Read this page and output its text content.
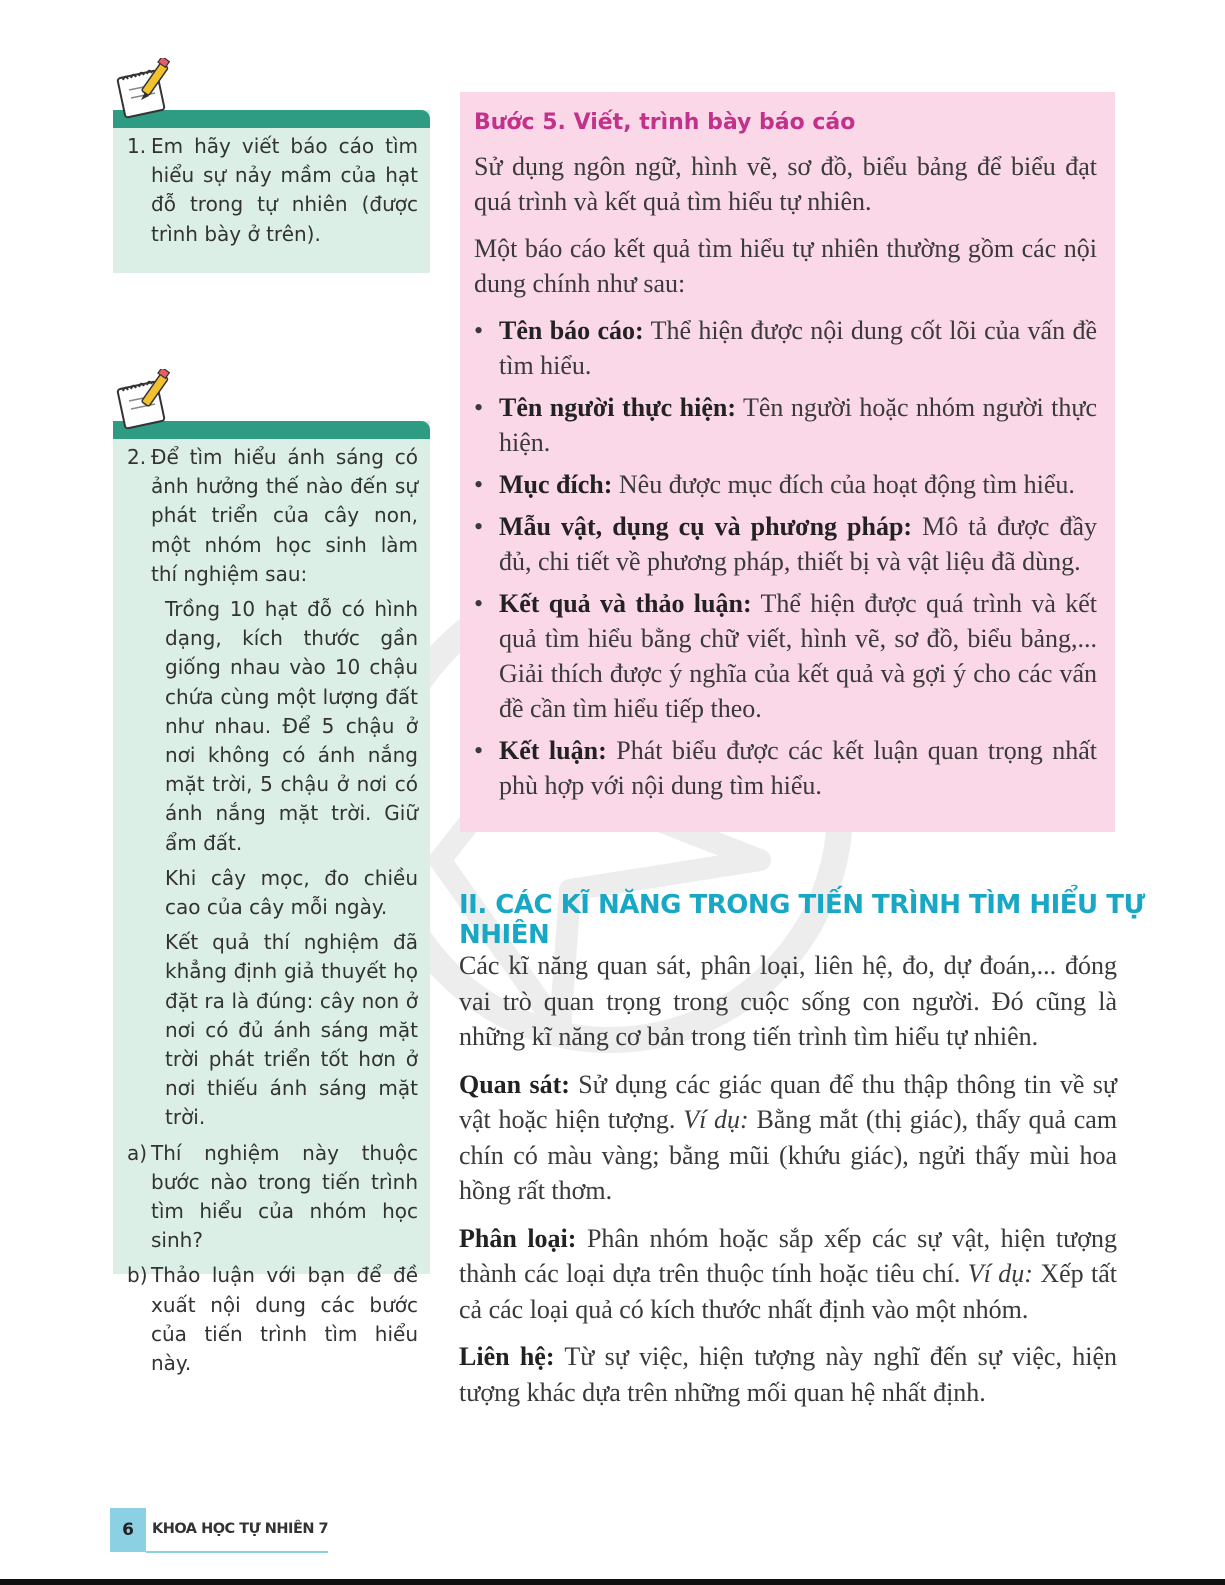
1. Em hãy viết báo cáo tìm hiểu sự nảy mầm của hạt đỗ trong tự nhiên (được trình bày ở trên).
2. Để tìm hiểu ánh sáng có ảnh hưởng thế nào đến sự phát triển của cây non, một nhóm học sinh làm thí nghiệm sau:
Trồng 10 hạt đỗ có hình dạng, kích thước gần giống nhau vào 10 chậu chứa cùng một lượng đất như nhau. Để 5 chậu ở nơi không có ánh nắng mặt trời, 5 chậu ở nơi có ánh nắng mặt trời. Giữ ẩm đất.
Khi cây mọc, đo chiều cao của cây mỗi ngày.
Kết quả thí nghiệm đã khẳng định giả thuyết họ đặt ra là đúng: cây non ở nơi có đủ ánh sáng mặt trời phát triển tốt hơn ở nơi thiếu ánh sáng mặt trời.
a) Thí nghiệm này thuộc bước nào trong tiến trình tìm hiểu của nhóm học sinh?
b) Thảo luận với bạn để đề xuất nội dung các bước của tiến trình tìm hiểu này.
Bước 5. Viết, trình bày báo cáo

Sử dụng ngôn ngữ, hình vẽ, sơ đồ, biểu bảng để biểu đạt quá trình và kết quả tìm hiểu tự nhiên.

Một báo cáo kết quả tìm hiểu tự nhiên thường gồm các nội dung chính như sau:

• Tên báo cáo: Thể hiện được nội dung cốt lõi của vấn đề tìm hiểu.
• Tên người thực hiện: Tên người hoặc nhóm người thực hiện.
• Mục đích: Nêu được mục đích của hoạt động tìm hiểu.
• Mẫu vật, dụng cụ và phương pháp: Mô tả được đầy đủ, chi tiết về phương pháp, thiết bị và vật liệu đã dùng.
• Kết quả và thảo luận: Thể hiện được quá trình và kết quả tìm hiểu bằng chữ viết, hình vẽ, sơ đồ, biểu bảng,... Giải thích được ý nghĩa của kết quả và gợi ý cho các vấn đề cần tìm hiểu tiếp theo.
• Kết luận: Phát biểu được các kết luận quan trọng nhất phù hợp với nội dung tìm hiểu.
II. CÁC KĨ NĂNG TRONG TIẾN TRÌNH TÌM HIỂU TỰ NHIÊN

Các kĩ năng quan sát, phân loại, liên hệ, đo, dự đoán,... đóng vai trò quan trọng trong cuộc sống con người. Đó cũng là những kĩ năng cơ bản trong tiến trình tìm hiểu tự nhiên.

Quan sát: Sử dụng các giác quan để thu thập thông tin về sự vật hoặc hiện tượng. Ví dụ: Bằng mắt (thị giác), thấy quả cam chín có màu vàng; bằng mũi (khứu giác), ngửi thấy mùi hoa hồng rất thơm.

Phân loại: Phân nhóm hoặc sắp xếp các sự vật, hiện tượng thành các loại dựa trên thuộc tính hoặc tiêu chí. Ví dụ: Xếp tất cả các loại quả có kích thước nhất định vào một nhóm.

Liên hệ: Từ sự việc, hiện tượng này nghĩ đến sự việc, hiện tượng khác dựa trên những mối quan hệ nhất định.

6	KHOA HỌC TỰ NHIÊN 7
